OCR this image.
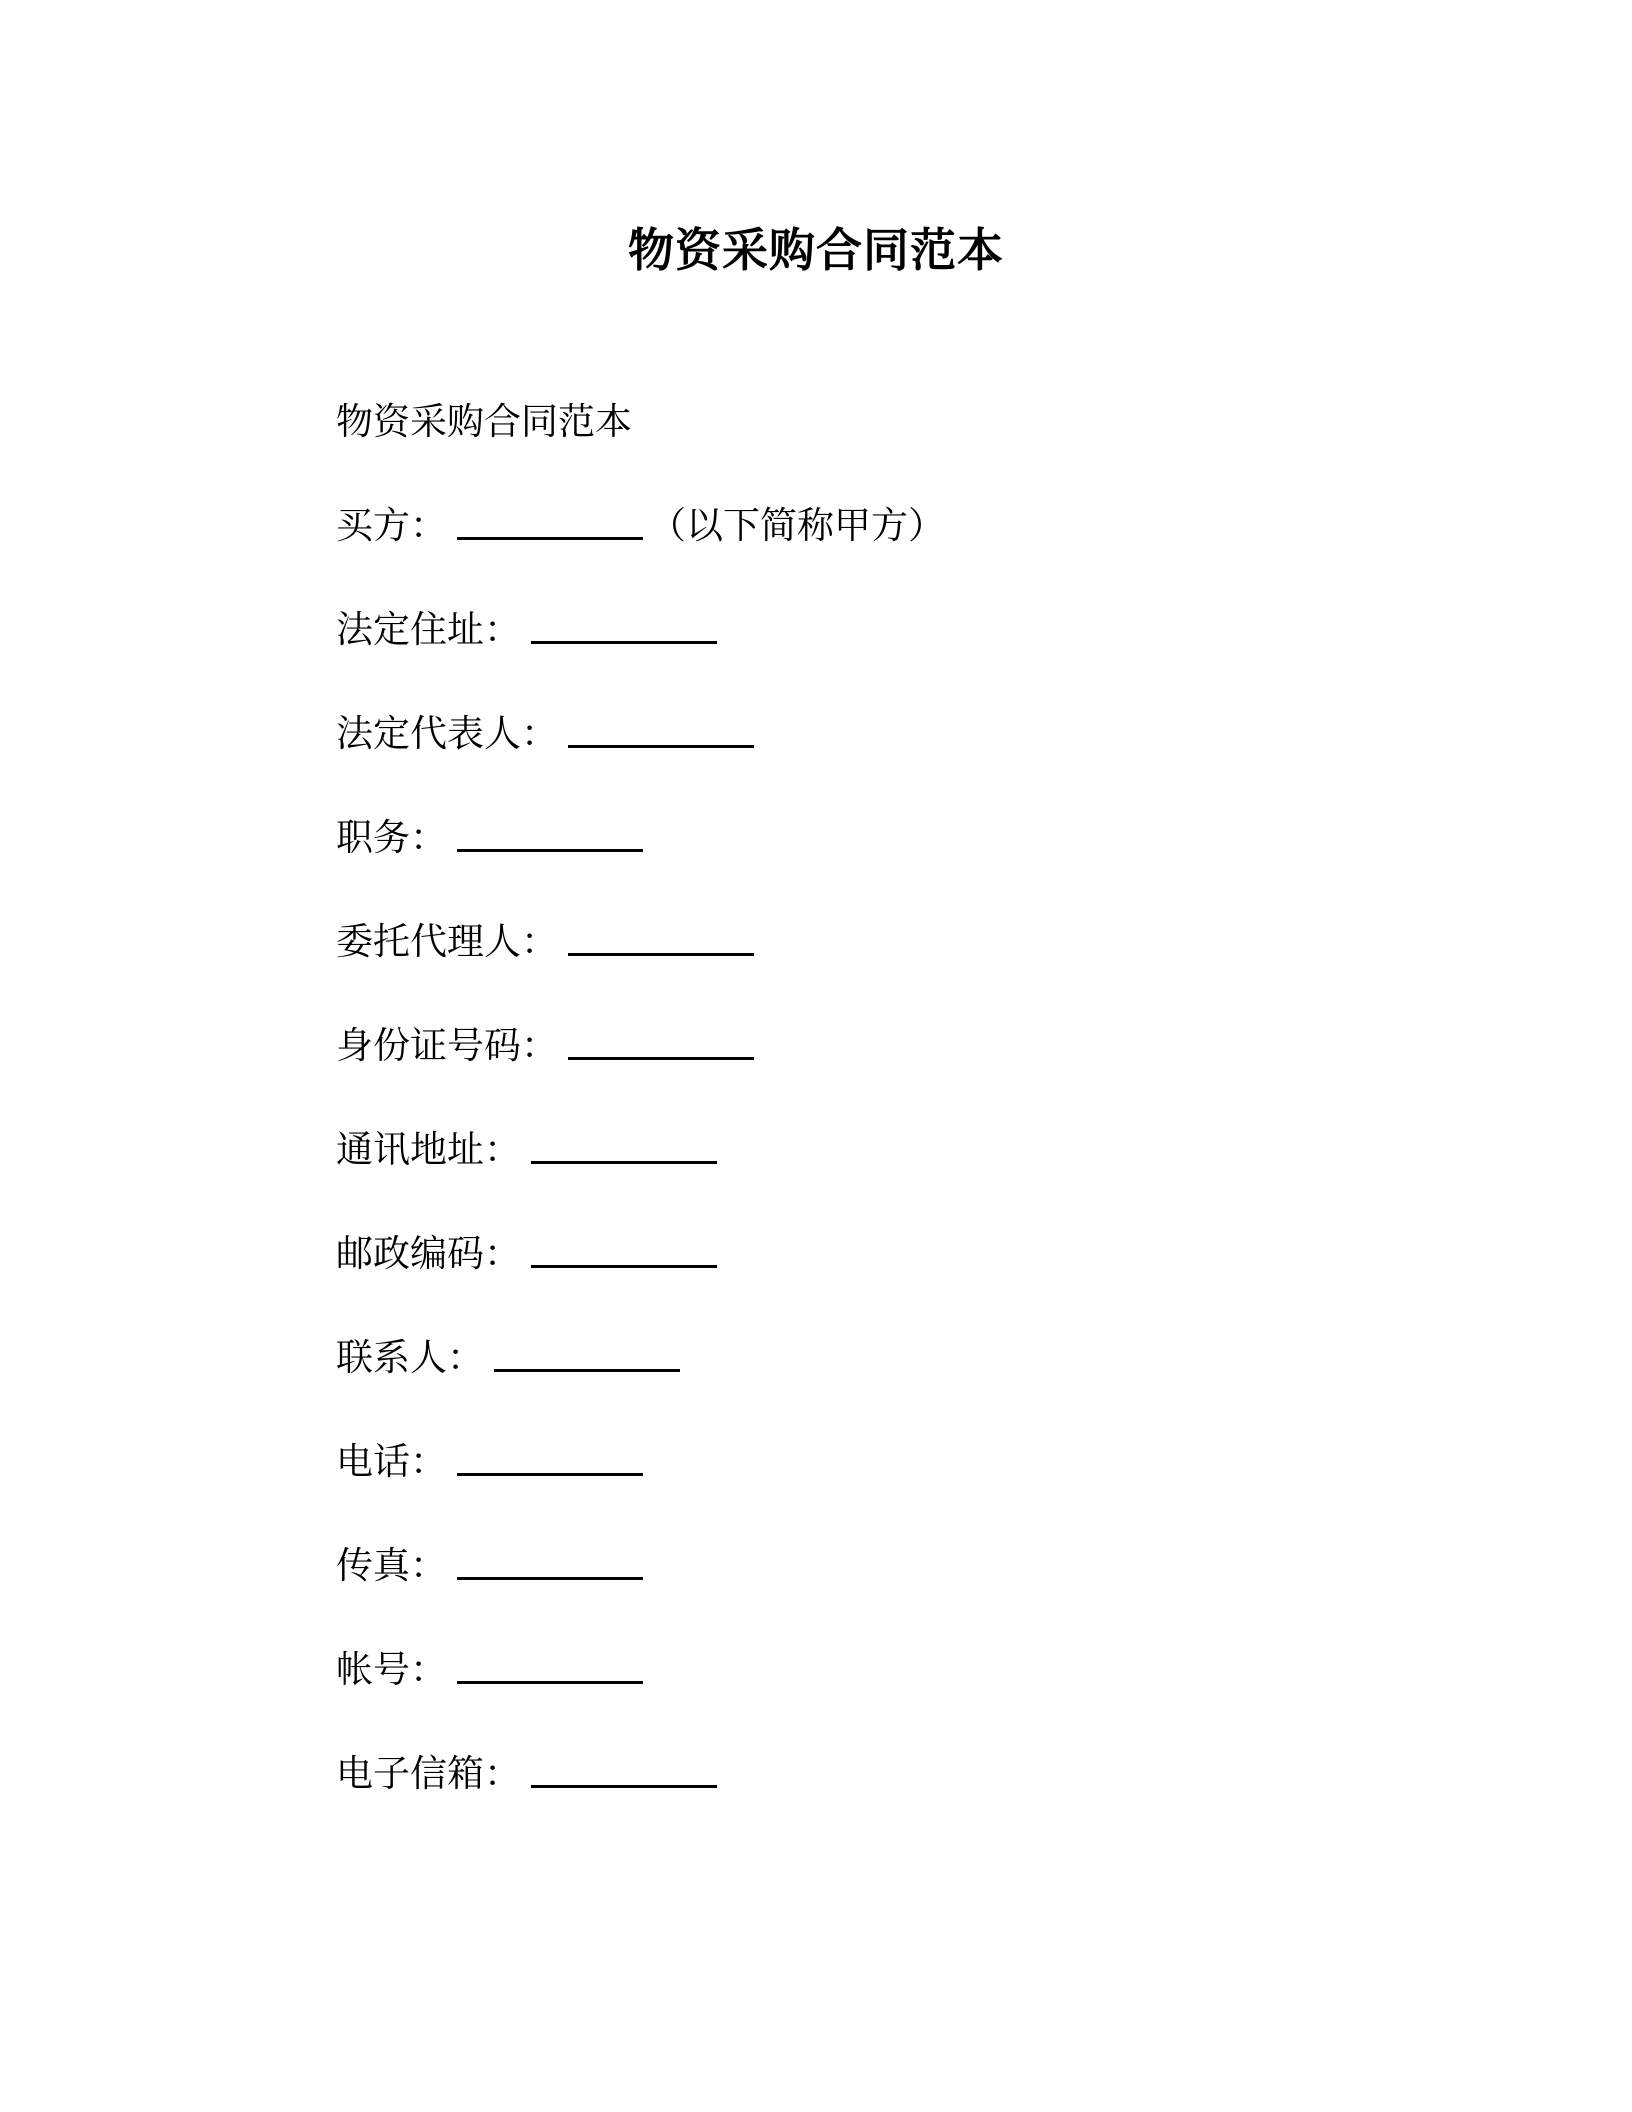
物资采购合同范本
物资采购合同范本
买方：	（以下简称甲方）
法定住址：
法定代表人：
职务：
委托代理人：
身份证号码：
通讯地址：
邮政编码：
联系人：
电话：
传真：
帐号：
电子信箱：
